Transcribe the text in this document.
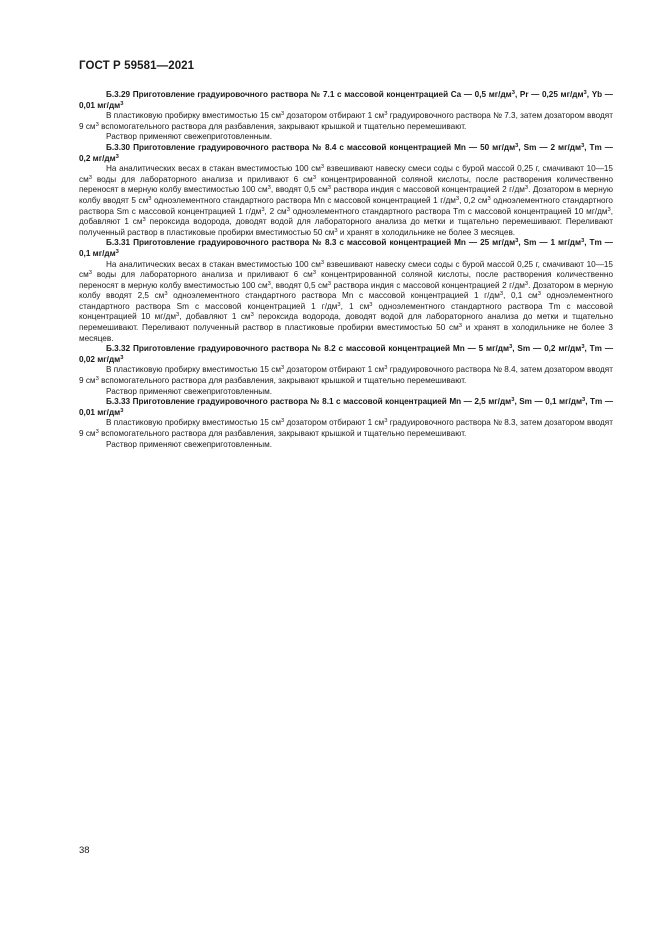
ГОСТ Р 59581—2021

Б.3.29 Приготовление градуировочного раствора № 7.1 с массовой концентрацией Ca — 0,5 $мг/дм^3$, Pr — 0,25 $мг/дм^3$, Yb — 0,01 $мг/дм^3$

В пластиковую пробирку вместимостью 15 $см^3$ дозатором отбирают 1 $см^3$ градуировочного раствора № 7.3, затем дозатором вводят 9 $см^3$ вспомогательного раствора для разбавления, закрывают крышкой и тщательно перемешивают.

Раствор применяют свежеприготовленным.

Б.3.30 Приготовление градуировочного раствора № 8.4 с массовой концентрацией Mn — 50 $мг/дм^3$, Sm — 2 $мг/дм^3$, Tm — 0,2 $мг/дм^3$

На аналитических весах в стакан вместимостью 100 $см^3$ взвешивают навеску смеси соды с бурой массой 0,25 г, смачивают 10—15 $см^3$ воды для лабораторного анализа и приливают 6 $см^3$ концентрированной соляной кислоты, после растворения количественно переносят в мерную колбу вместимостью 100 $см^3$, вводят 0,5 $см^3$ раствора индия с массовой концентрацией 2 $г/дм^3$. Дозатором в мерную колбу вводят 5 $см^3$ одноэлементного стандартного раствора Mn с массовой концентрацией 1 $г/дм^3$, 0,2 $см^3$ одноэлементного стандартного раствора Sm с массовой концентрацией 1 $г/дм^3$, 2 $см^3$ одноэлементного стандартного раствора Tm с массовой концентрацией 10 $мг/дм^3$, добавляют 1 $см^3$ пероксида водорода, доводят водой для лабораторного анализа до метки и тщательно перемешивают. Переливают полученный раствор в пластиковые пробирки вместимостью 50 $см^3$ и хранят в холодильнике не более 3 месяцев.

Б.3.31 Приготовление градуировочного раствора № 8.3 с массовой концентрацией Mn — 25 $мг/дм^3$, Sm — 1 $мг/дм^3$, Tm — 0,1 $мг/дм^3$

На аналитических весах в стакан вместимостью 100 $см^3$ взвешивают навеску смеси соды с бурой массой 0,25 г, смачивают 10—15 $см^3$ воды для лабораторного анализа и приливают 6 $см^3$ концентрированной соляной кислоты, после растворения количественно переносят в мерную колбу вместимостью 100 $см^3$, вводят 0,5 $см^3$ раствора индия с массовой концентрацией 2 $г/дм^3$. Дозатором в мерную колбу вводят 2,5 $см^3$ одноэлементного стандартного раствора Mn с массовой концентрацией 1 $г/дм^3$, 0,1 $см^3$ одноэлементного стандартного раствора Sm с массовой концентрацией 1 $г/дм^3$, 1 $см^3$ одноэлементного стандартного раствора Tm с массовой концентрацией 10 $мг/дм^3$, добавляют 1 $см^3$ пероксида водорода, доводят водой для лабораторного анализа до метки и тщательно перемешивают. Переливают полученный раствор в пластиковые пробирки вместимостью 50 $см^3$ и хранят в холодильнике не более 3 месяцев.

Б.3.32 Приготовление градуировочного раствора № 8.2 с массовой концентрацией Mn — 5 $мг/дм^3$, Sm — 0,2 $мг/дм^3$, Tm — 0,02 $мг/дм^3$

В пластиковую пробирку вместимостью 15 $см^3$ дозатором отбирают 1 $см^3$ градуировочного раствора № 8.4, затем дозатором вводят 9 $см^3$ вспомогательного раствора для разбавления, закрывают крышкой и тщательно перемешивают.

Раствор применяют свежеприготовленным.

Б.3.33 Приготовление градуировочного раствора № 8.1 с массовой концентрацией Mn — 2,5 $мг/дм^3$, Sm — 0,1 $мг/дм^3$, Tm — 0,01 $мг/дм^3$

В пластиковую пробирку вместимостью 15 $см^3$ дозатором отбирают 1 $см^3$ градуировочного раствора № 8.3, затем дозатором вводят 9 $см^3$ вспомогательного раствора для разбавления, закрывают крышкой и тщательно перемешивают.

Раствор применяют свежеприготовленным.

38
